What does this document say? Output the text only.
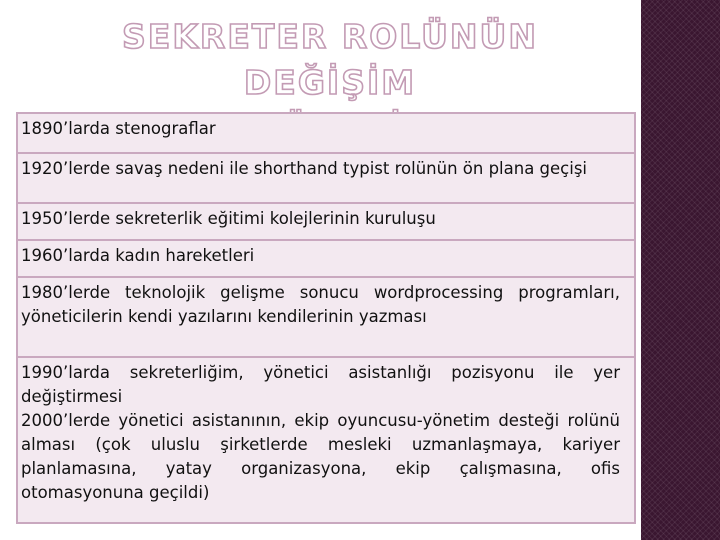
SEKRETER ROLÜNÜN DEĞİŞİM

1890’larda stenograflar

1920’lerde savaş nedeni ile shorthand typist rolünün ön plana geçişi

1950’lerde sekreterlik eğitimi kolejlerinin kuruluşu

1960’larda kadın hareketleri

1980’lerde teknolojik gelişme sonucu wordprocessing programları, yöneticilerin kendi yazılarını kendilerinin yazması

1990’larda sekreterliğim, yönetici asistanlığı pozisyonu ile yer değiştirmesi

2000’lerde yönetici asistanının, ekip oyuncusu-yönetim desteği rolünü alması (çok uluslu şirketlerde mesleki uzmanlaşmaya, kariyer planlamasına, yatay organizasyona, ekip çalışmasına, ofis otomasyonuna geçildi)
